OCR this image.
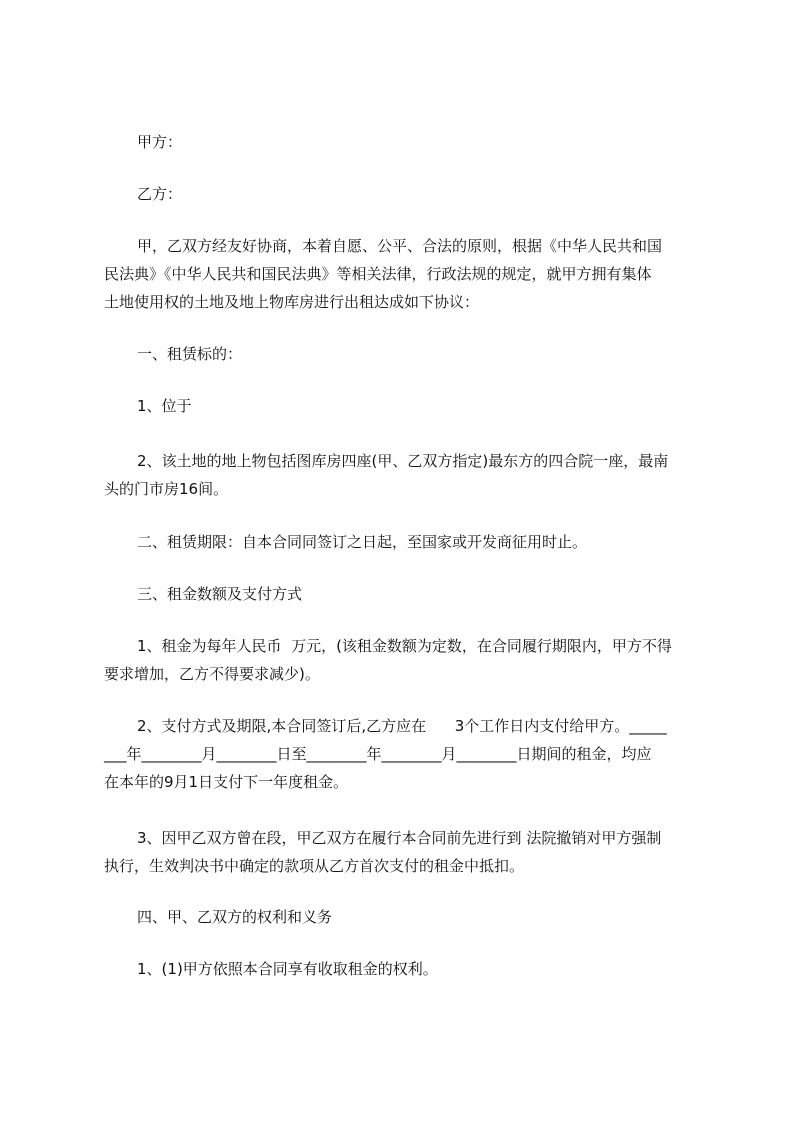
甲方：
乙方：
甲，乙双方经友好协商，本着自愿、公平、合法的原则，根据《中华人民共和国
民法典》《中华人民共和国民法典》等相关法律，行政法规的规定，就甲方拥有集体
土地使用权的土地及地上物库房进行出租达成如下协议：
一、租赁标的：
1、位于
2、该土地的地上物包括图库房四座(甲、乙双方指定)最东方的四合院一座，最南
头的门市房16间。
二、租赁期限：自本合同同签订之日起，至国家或开发商征用时止。
三、租金数额及支付方式
1、租金为每年人民币  万元，(该租金数额为定数，在合同履行期限内，甲方不得
要求增加，乙方不得要求减少)。
2、支付方式及期限,本合同签订后,乙方应在      3个工作日内支付给甲方。_____
___年________月________日至________年________月________日期间的租金，均应
在本年的9月1日支付下一年度租金。
3、因甲乙双方曾在段，甲乙双方在履行本合同前先进行到 法院撤销对甲方强制
执行，生效判决书中确定的款项从乙方首次支付的租金中抵扣。
四、甲、乙双方的权利和义务
1、(1)甲方依照本合同享有收取租金的权利。
